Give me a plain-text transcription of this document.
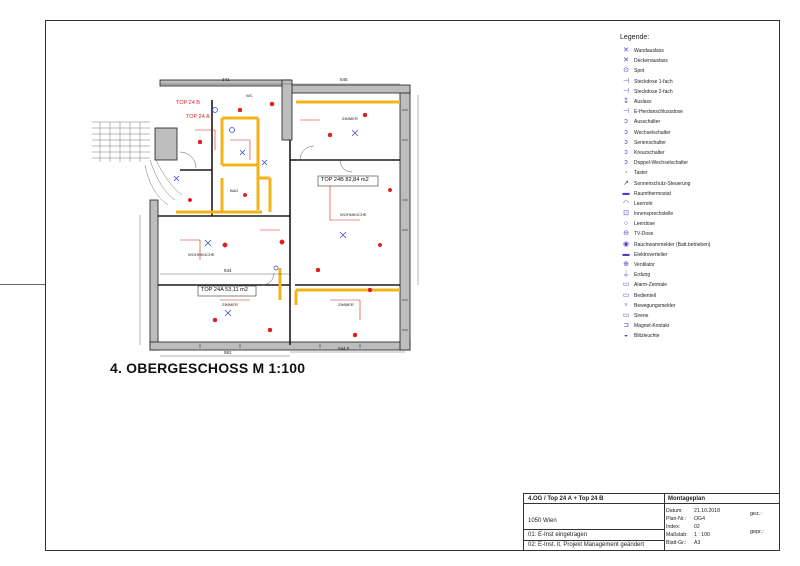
TOP 24 B
TOP 24 A
TOP 24B 82,84 m2
TOP 24A 53,11 m2
ZIMMER
ZIMMER	ZIMMER
WOHNKÜCHE
WOHNKÜCHE
BAD
WC
341	545
534
591
544,5
4. OBERGESCHOSS M 1:100
Legende:
✕	Wandauslass
✕	Deckenauslass
⊙	Spot
⊣ Steckdose 1-fach
⊣ Steckdose 2-fach
↧	Auslass
⊣ E-Herdanschlussdose
ↄ	Ausschalter
ↄ	Wechselschalter
ↄ	Serienschalter
ↄ	Kreuzschalter
ↄ	Doppel-Wechselschalter
◦	Taster
↗	Sonnenschutz-Steuerung
▬ Raumthermostat
◠ Leerrohr
⊡	Innensprechstelle
○	Leerdose
⊖	TV-Dose
◉ Rauchwarnmelder (Batt.betrieben)
▬ Elektroverteiler
⊕	Ventilator
⏚ Erdung
▭ Alarm-Zentrale
▭ Bedienteil
♆	Bewegungsmelder
▭ Sirene
⊐	Magnet-Kontakt
◒	Blitzleuchte
4.OG / Top 24 A + Top 24 B
1050 Wien
01: E-Inst eingetragen
02: E-Inst. lt. Projekt Management geändert
Montageplan
Datum:	21.10.2018
Plan-Nr.:	OG4
Index:	02
Maßstab:	1 : 100
Blatt-Gr.:	A3
gez.:
gepr.:
